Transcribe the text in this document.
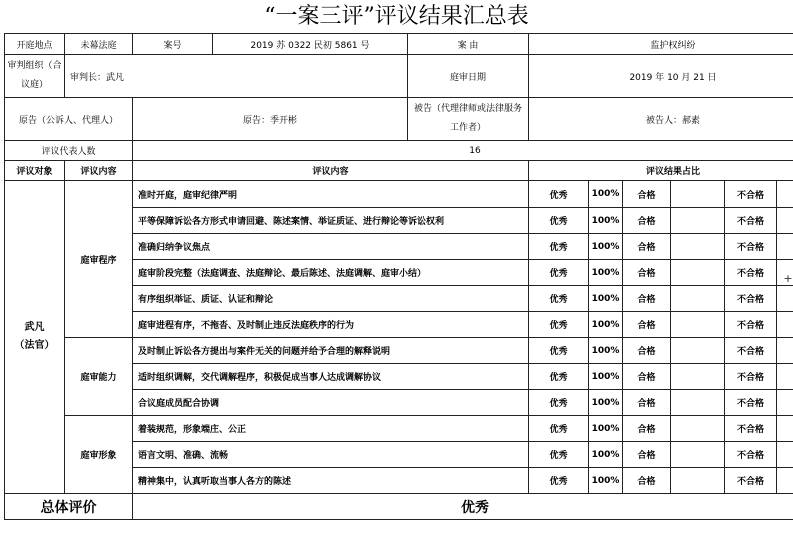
“一案三评”评议结果汇总表
开庭地点	未幕法庭	案号	2019 苏 0322 民初 5861 号	案 由	监护权纠纷					
审判组织（合议庭）	审判长：武凡			庭审日期	2019 年 10 月 21 日					
原告（公诉人、代理人）		原告：季开彬		被告（代理律师或法律服务工作者）	被告人：郝素					
评议代表人数		16								
评议对象	评议内容	评议内容			评议结果占比					

武凡
（法官）	庭审程序	准时开庭，庭审纪律严明			优秀	100%	合格		不合格	
		平等保障诉讼各方形式申请回避、陈述案情、举证质证、进行辩论等诉讼权利			优秀	100%	合格		不合格	
		准确归纳争议焦点			优秀	100%	合格		不合格	
		庭审阶段完整（法庭调查、法庭辩论、最后陈述、法庭调解、庭审小结）			优秀	100%	合格		不合格	
		有序组织举证、质证、认证和辩论			优秀	100%	合格		不合格	
		庭审进程有序，不拖沓、及时制止违反法庭秩序的行为			优秀	100%	合格		不合格	
	庭审能力	及时制止诉讼各方提出与案件无关的问题并给予合理的解释说明			优秀	100%	合格		不合格	
		适时组织调解，交代调解程序，积极促成当事人达成调解协议			优秀	100%	合格		不合格	
		合议庭成员配合协调			优秀	100%	合格		不合格	
	庭审形象	着装规范，形象端庄、公正			优秀	100%	合格		不合格	
		语言文明、准确、流畅			优秀	100%	合格		不合格	
		精神集中，认真听取当事人各方的陈述			优秀	100%	合格		不合格	
总体评价		优秀								
+
